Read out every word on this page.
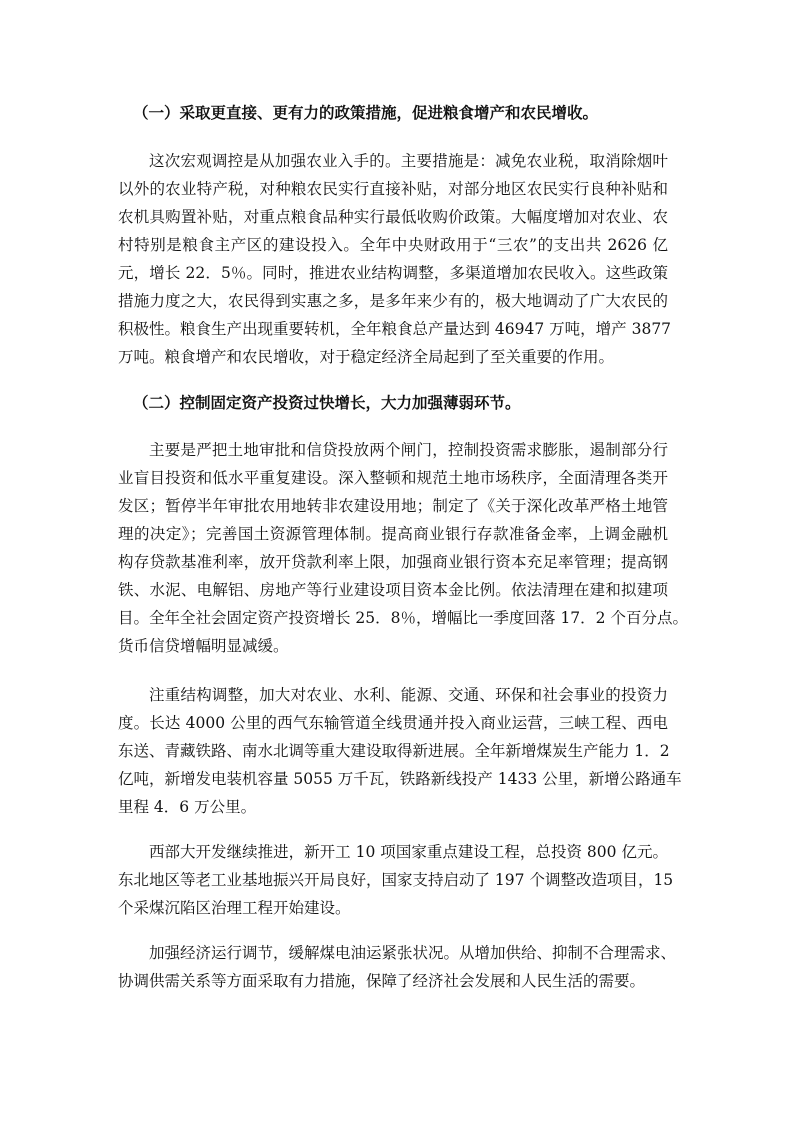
（一）采取更直接、更有力的政策措施，促进粮食增产和农民增收。
这次宏观调控是从加强农业入手的。主要措施是：减免农业税，取消除烟叶
以外的农业特产税，对种粮农民实行直接补贴，对部分地区农民实行良种补贴和
农机具购置补贴，对重点粮食品种实行最低收购价政策。大幅度增加对农业、农
村特别是粮食主产区的建设投入。全年中央财政用于“三农”的支出共 2626 亿
元，增长 22．5％。同时，推进农业结构调整，多渠道增加农民收入。这些政策
措施力度之大，农民得到实惠之多，是多年来少有的，极大地调动了广大农民的
积极性。粮食生产出现重要转机，全年粮食总产量达到 46947 万吨，增产 3877
万吨。粮食增产和农民增收，对于稳定经济全局起到了至关重要的作用。
（二）控制固定资产投资过快增长，大力加强薄弱环节。
主要是严把土地审批和信贷投放两个闸门，控制投资需求膨胀，遏制部分行
业盲目投资和低水平重复建设。深入整顿和规范土地市场秩序，全面清理各类开
发区；暂停半年审批农用地转非农建设用地；制定了《关于深化改革严格土地管
理的决定》；完善国土资源管理体制。提高商业银行存款准备金率，上调金融机
构存贷款基准利率，放开贷款利率上限，加强商业银行资本充足率管理；提高钢
铁、水泥、电解铝、房地产等行业建设项目资本金比例。依法清理在建和拟建项
目。全年全社会固定资产投资增长 25．8％，增幅比一季度回落 17．2 个百分点。
货币信贷增幅明显减缓。
注重结构调整，加大对农业、水利、能源、交通、环保和社会事业的投资力
度。长达 4000 公里的西气东输管道全线贯通并投入商业运营，三峡工程、西电
东送、青藏铁路、南水北调等重大建设取得新进展。全年新增煤炭生产能力 1．2
亿吨，新增发电装机容量 5055 万千瓦，铁路新线投产 1433 公里，新增公路通车
里程 4．6 万公里。
西部大开发继续推进，新开工 10 项国家重点建设工程，总投资 800 亿元。
东北地区等老工业基地振兴开局良好，国家支持启动了 197 个调整改造项目，15
个采煤沉陷区治理工程开始建设。
加强经济运行调节，缓解煤电油运紧张状况。从增加供给、抑制不合理需求、
协调供需关系等方面采取有力措施，保障了经济社会发展和人民生活的需要。
